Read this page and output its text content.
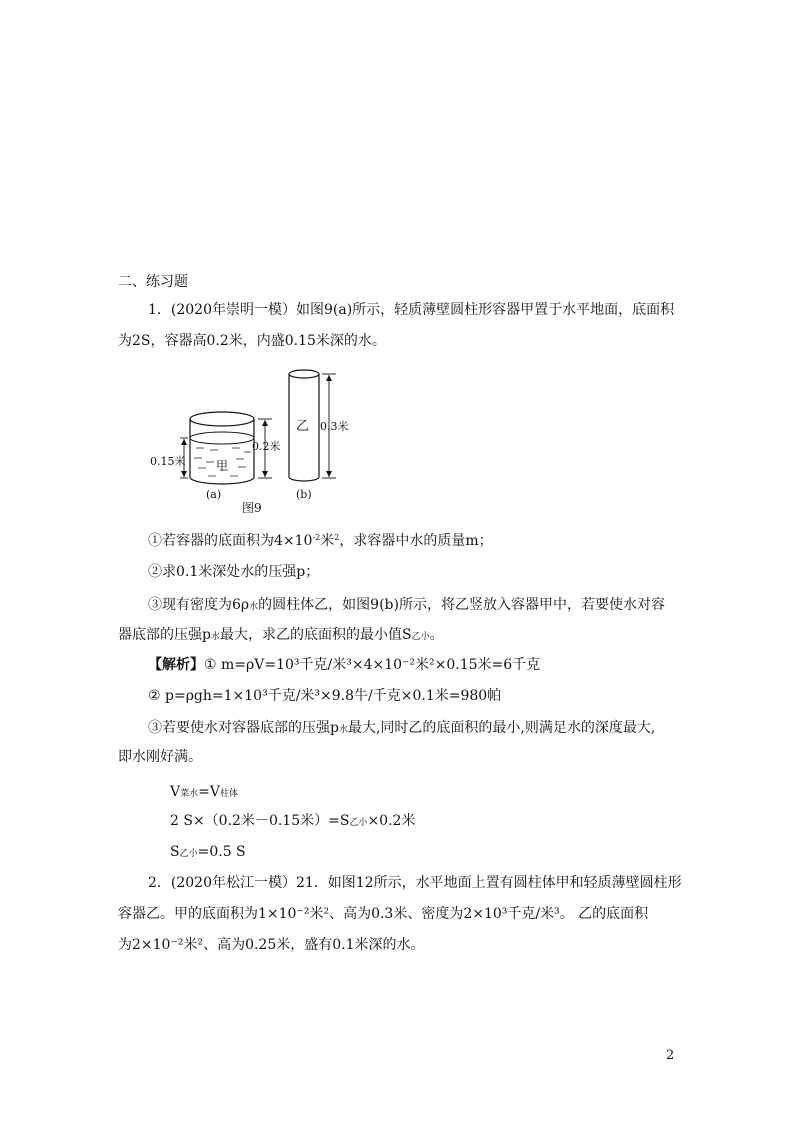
二、练习题
1．(2020年崇明一模）如图9(a)所示，轻质薄壁圆柱形容器甲置于水平地面，底面积
为2S，容器高0.2米，内盛0.15米深的水。
甲
0.15米
0.2米
乙 0.3米
(a)	(b)
图9
①若容器的底面积为$4\times 10^{-2}$米$^2$，求容器中水的质量m；
②求0.1米深处水的压强p；
③现有密度为6ρ水的圆柱体乙，如图9(b)所示，将乙竖放入容器甲中，若要使水对容
器底部的压强p水最大，求乙的底面积的最小值S乙小。
【解析】① m=ρV=10³千克/米³×4×10⁻²米²×0.15米=6千克
② p=ρgh=1×10³千克/米³×9.8牛/千克×0.1米=980帕
③若要使水对容器底部的压强p水最大,同时乙的底面积的最小,则满足水的深度最大,
即水刚好满。
V菜水=V柱体
2 S×（0.2米－0.15米）=S乙小×0.2米
S乙小=0.5 S
2．(2020年松江一模）21．如图12所示，水平地面上置有圆柱体甲和轻质薄壁圆柱形
容器乙。甲的底面积为1×10⁻²米²、高为0.3米、密度为2×10³千克/米³。 乙的底面积
为2×10⁻²米²、高为0.25米，盛有0.1米深的水。
2
